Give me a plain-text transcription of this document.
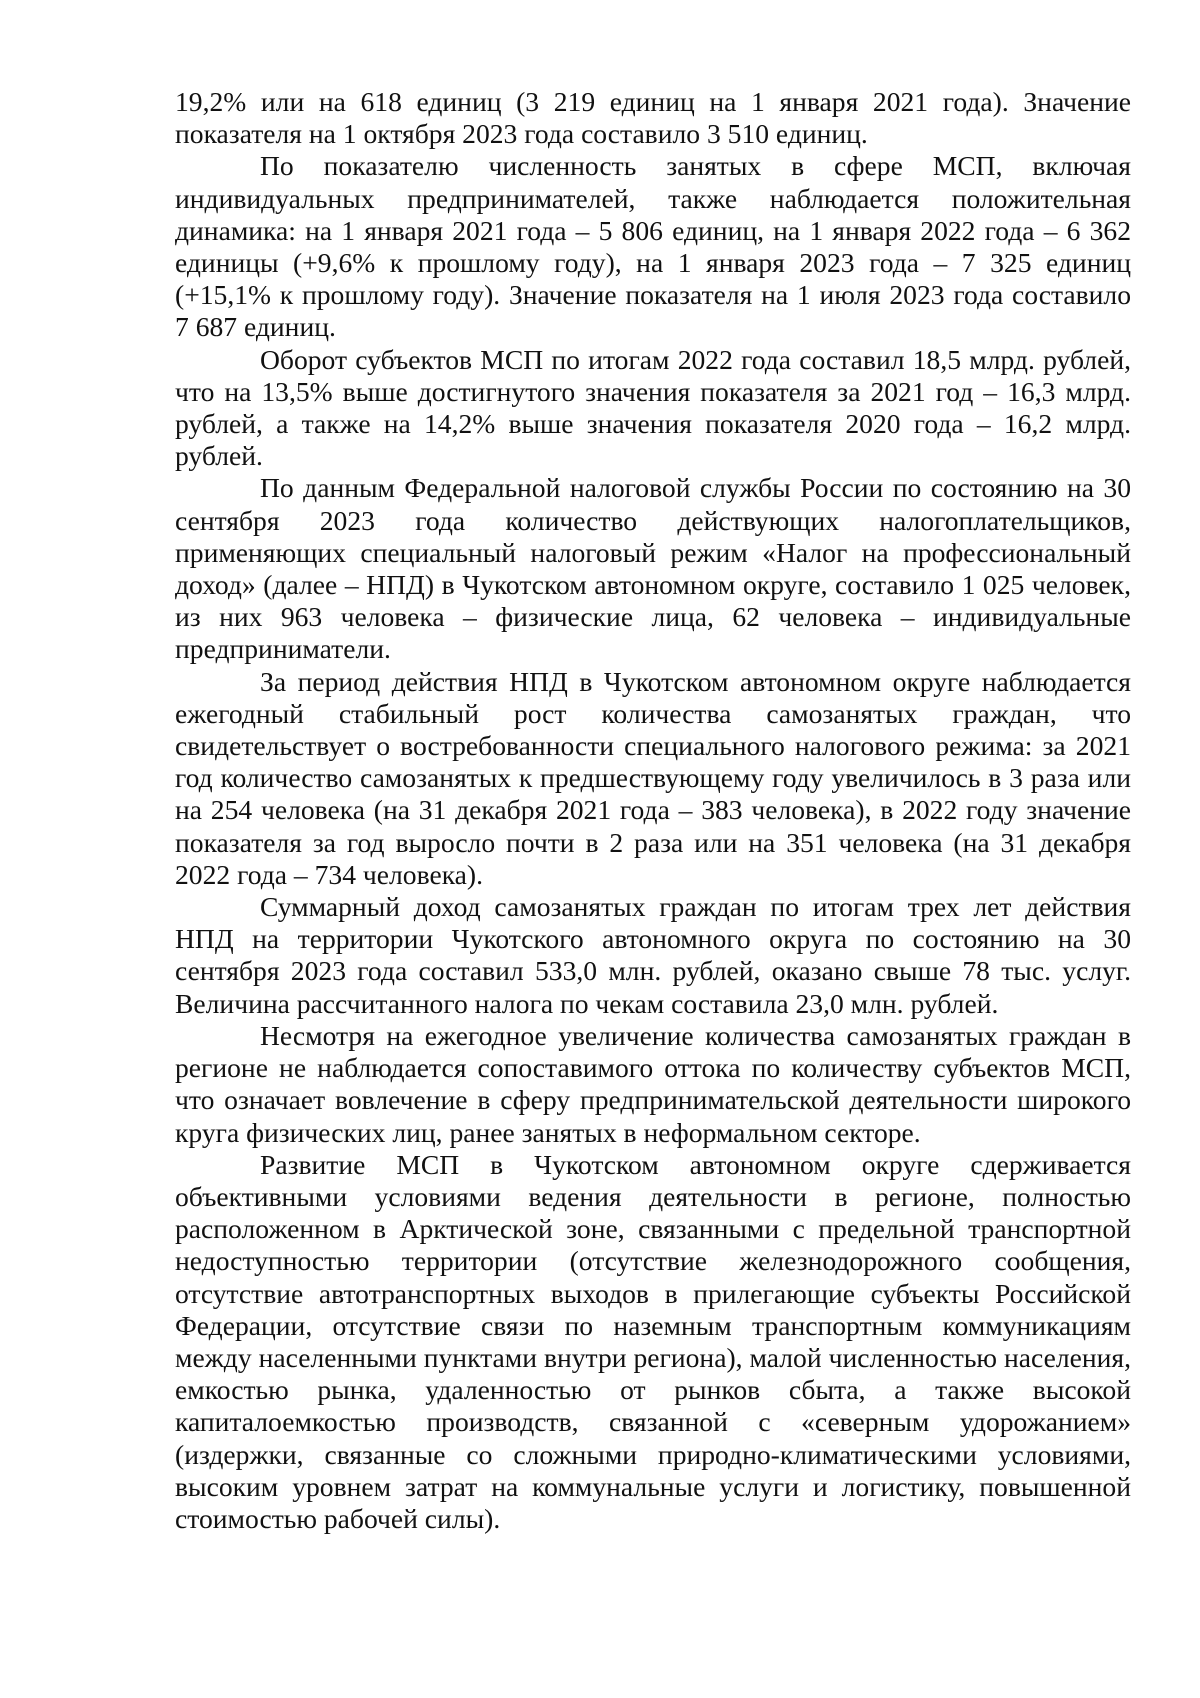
19,2% или на 618 единиц (3 219 единиц на 1 января 2021 года). Значение показателя на 1 октября 2023 года составило 3 510 единиц.

По показателю численность занятых в сфере МСП, включая индивидуальных предпринимателей, также наблюдается положительная динамика: на 1 января 2021 года – 5 806 единиц, на 1 января 2022 года – 6 362 единицы (+9,6% к прошлому году), на 1 января 2023 года – 7 325 единиц (+15,1% к прошлому году). Значение показателя на 1 июля 2023 года составило 7 687 единиц.

Оборот субъектов МСП по итогам 2022 года составил 18,5 млрд. рублей, что на 13,5% выше достигнутого значения показателя за 2021 год – 16,3 млрд. рублей, а также на 14,2% выше значения показателя 2020 года – 16,2 млрд. рублей.

По данным Федеральной налоговой службы России по состоянию на 30 сентября 2023 года количество действующих налогоплательщиков, применяющих специальный налоговый режим «Налог на профессиональный доход» (далее – НПД) в Чукотском автономном округе, составило 1 025 человек, из них 963 человека – физические лица, 62 человека – индивидуальные предприниматели.

За период действия НПД в Чукотском автономном округе наблюдается ежегодный стабильный рост количества самозанятых граждан, что свидетельствует о востребованности специального налогового режима: за 2021 год количество самозанятых к предшествующему году увеличилось в 3 раза или на 254 человека (на 31 декабря 2021 года – 383 человека), в 2022 году значение показателя за год выросло почти в 2 раза или на 351 человека (на 31 декабря 2022 года – 734 человека).

Суммарный доход самозанятых граждан по итогам трех лет действия НПД на территории Чукотского автономного округа по состоянию на 30 сентября 2023 года составил 533,0 млн. рублей, оказано свыше 78 тыс. услуг. Величина рассчитанного налога по чекам составила 23,0 млн. рублей.

Несмотря на ежегодное увеличение количества самозанятых граждан в регионе не наблюдается сопоставимого оттока по количеству субъектов МСП, что означает вовлечение в сферу предпринимательской деятельности широкого круга физических лиц, ранее занятых в неформальном секторе.

Развитие МСП в Чукотском автономном округе сдерживается объективными условиями ведения деятельности в регионе, полностью расположенном в Арктической зоне, связанными с предельной транспортной недоступностью территории (отсутствие железнодорожного сообщения, отсутствие автотранспортных выходов в прилегающие субъекты Российской Федерации, отсутствие связи по наземным транспортным коммуникациям между населенными пунктами внутри региона), малой численностью населения, емкостью рынка, удаленностью от рынков сбыта, а также высокой капиталоемкостью производств, связанной с «северным удорожанием» (издержки, связанные со сложными природно-климатическими условиями, высоким уровнем затрат на коммунальные услуги и логистику, повышенной стоимостью рабочей силы).
